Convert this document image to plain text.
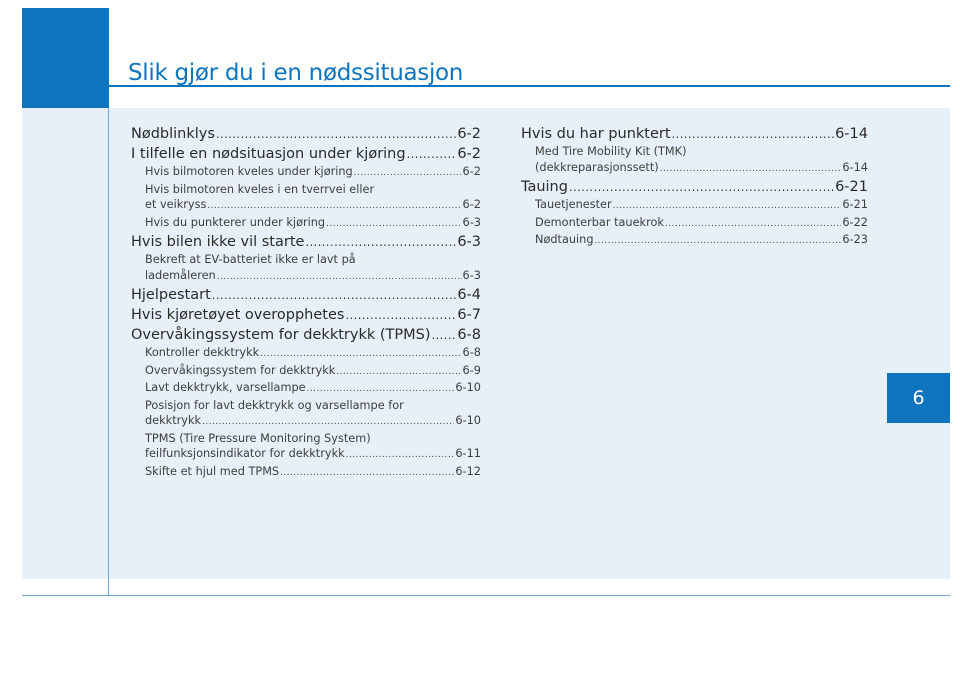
Slik gjør du i en nødssituasjon
6
Nødblinklys .....	6-2
I tilfelle en nødsituasjon under kjøring .....	6-2
Hvis bilmotoren kveles under kjøring .....	6-2
Hvis bilmotoren kveles i en tverrvei eller
et veikryss .....	6-2
Hvis du punkterer under kjøring .....	6-3
Hvis bilen ikke vil starte .....	6-3
Bekreft at EV-batteriet ikke er lavt på
lademåleren .....	6-3
Hjelpestart .....	6-4
Hvis kjøretøyet overopphetes .....	6-7
Overvåkingssystem for dekktrykk (TPMS) ..... 6-8
Kontroller dekktrykk .....	6-8
Overvåkingssystem for dekktrykk .....	6-9
Lavt dekktrykk, varsellampe .....	6-10
Posisjon for lavt dekktrykk og varsellampe for
dekktrykk .....	6-10
TPMS (Tire Pressure Monitoring System)
feilfunksjonsindikator for dekktrykk .....	6-11
Skifte et hjul med TPMS .....	6-12
Hvis du har punktert .....	6-14
Med Tire Mobility Kit (TMK)
(dekkreparasjonssett) .....	6-14
Tauing .....	6-21
Tauetjenester .....	6-21
Demonterbar tauekrok .....	6-22
Nødtauing .....	6-23
